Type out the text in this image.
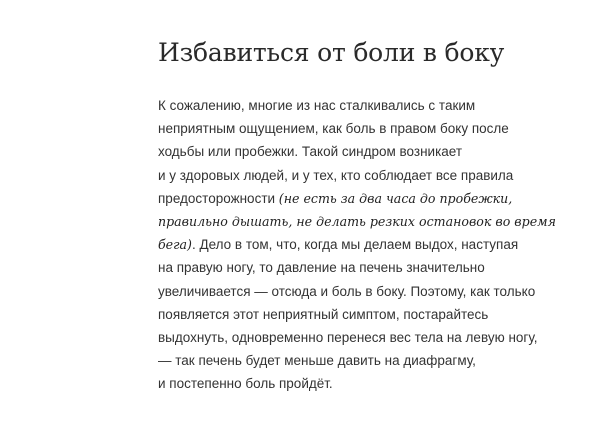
Избавиться от боли в боку
К сожалению, многие из нас сталкивались с таким
неприятным ощущением, как боль в правом боку после
ходьбы или пробежки. Такой синдром возникает
и у здоровых людей, и у тех, кто соблюдает все правила
предосторожности (не есть за два часа до пробежки,
правильно дышать, не делать резких остановок во время
бега). Дело в том, что, когда мы делаем выдох, наступая
на правую ногу, то давление на печень значительно
увеличивается — отсюда и боль в боку. Поэтому, как только
появляется этот неприятный симптом, постарайтесь
выдохнуть, одновременно перенеся вес тела на левую ногу,
— так печень будет меньше давить на диафрагму,
и постепенно боль пройдёт.
